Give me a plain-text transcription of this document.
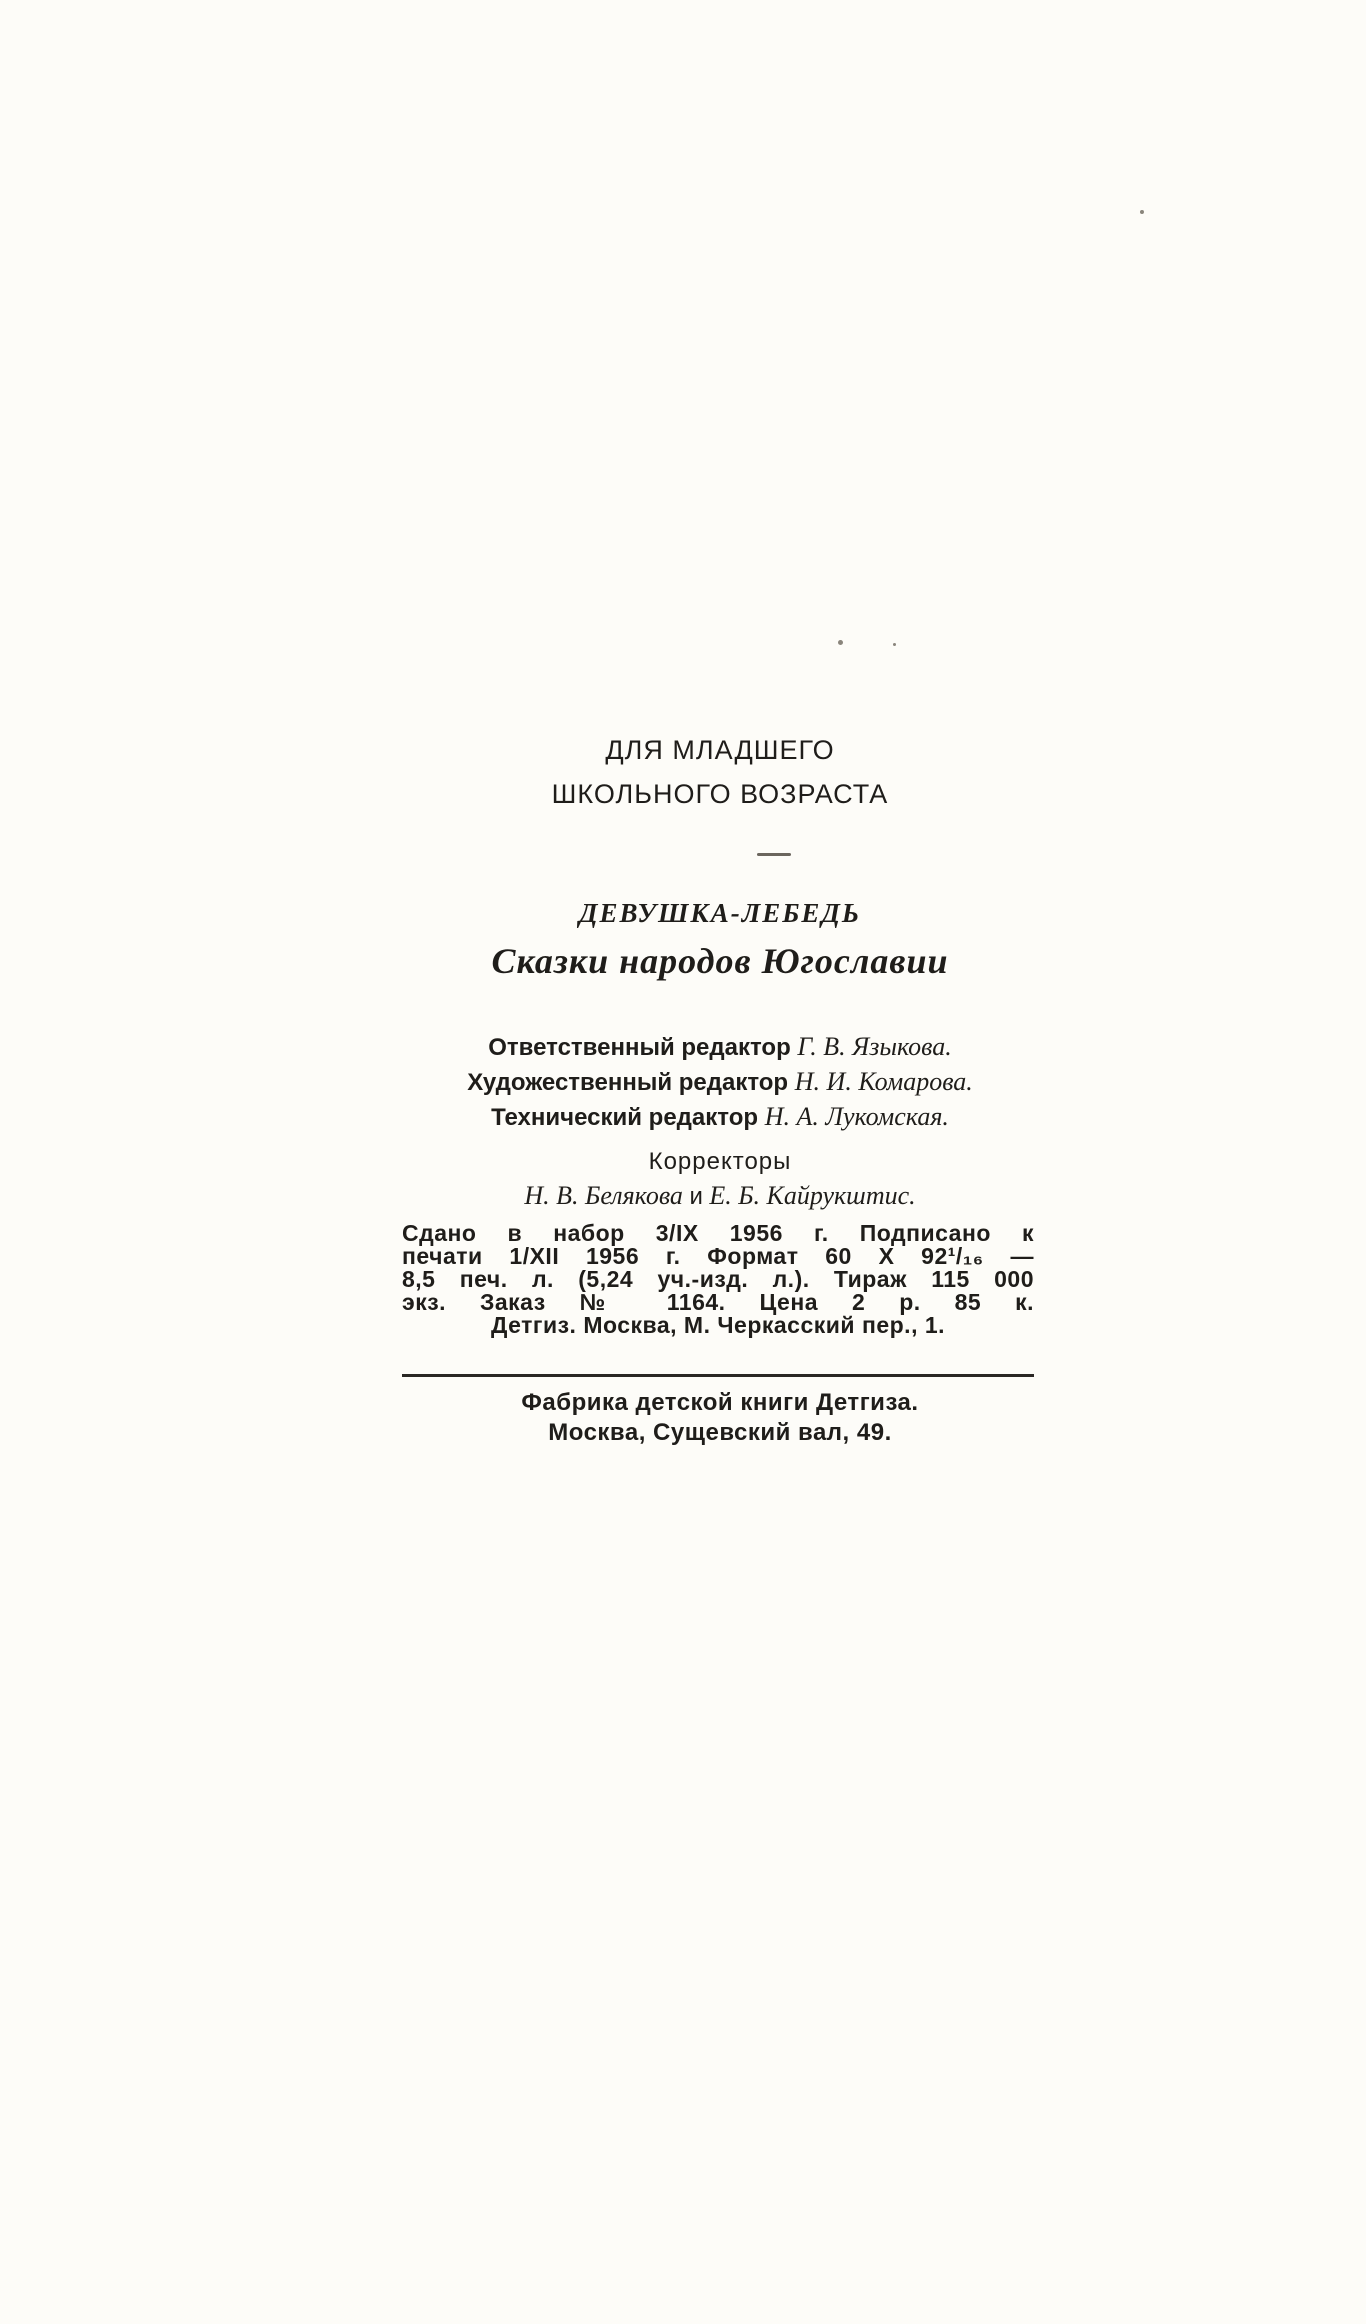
ДЛЯ МЛАДШЕГО
ШКОЛЬНОГО ВОЗРАСТА
ДЕВУШКА-ЛЕБЕДЬ
Сказки народов Югославии
Ответственный редактор Г. В. Языкова.
Художественный редактор Н. И. Комарова.
Технический редактор Н. А. Лукомская.
Корректоры
Н. В. Белякова и Е. Б. Кайрукштис.
Сдано в набор 3/IX 1956 г. Подписано к
печати 1/XII 1956 г. Формат 60 X 92¹/₁₆ —
8,5 печ. л. (5,24 уч.-изд. л.). Тираж 115 000
экз. Заказ № 1164. Цена 2 р. 85 к.
Детгиз. Москва, М. Черкасский пер., 1.
Фабрика детской книги Детгиза.
Москва, Сущевский вал, 49.
